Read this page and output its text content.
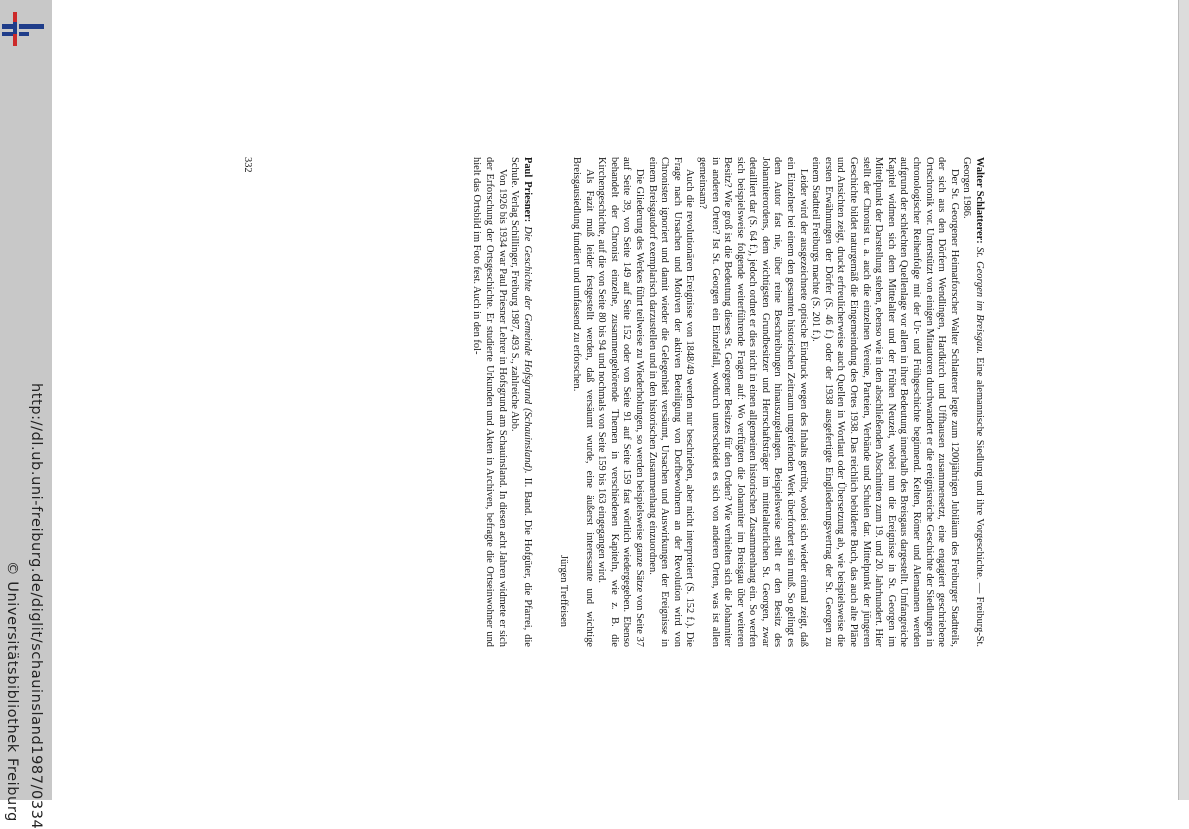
http://dl.ub.uni-freiburg.de/diglit/schauinsland1987/0334
© Universitätsbibliothek Freiburg

Walter Schlatterer: St. Georgen im Breisgau. Eine alemannische Siedlung und ihre Vorgeschichte. — Freiburg-St. Georgen 1986.

Der St. Georgener Heimatforscher Walter Schlatterer legte zum 1200jährigen Jubiläum des Freiburger Stadtteils, der sich aus den Dörfern Wendlingen, Hardkirch und Uffhausen zusammensetzt, eine engagiert geschriebene Ortschronik vor. Unterstützt von einigen Mitautoren durchwandert er die ereignisreiche Geschichte der Siedlungen in chronologischer Reihenfolge mit der Ur- und Frühgeschichte beginnend. Kelten, Römer und Alemannen werden aufgrund der schlechten Quellenlage vor allem in ihrer Bedeutung innerhalb des Breisgaus dargestellt. Umfangreiche Kapitel widmen sich dem Mittelalter und der Frühen Neuzeit, wobei nun die Ereignisse in St. Georgen im Mittelpunkt der Darstellung stehen, ebenso wie in den abschließenden Abschnitten zum 19. und 20. Jahrhundert. Hier stellt der Chronist u. a. auch die einzelnen Vereine, Parteien, Verbände und Schulen dar. Mittelpunkt der jüngeren Geschichte bildet naturgemäß die Eingemeindung des Ortes 1938. Das reichlich bebilderte Buch, das auch alte Pläne und Ansichten zeigt, druckt erfreulicherweise auch Quellen in Wortlaut oder Übersetzung ab, wie beispielsweise die ersten Erwähnungen der Dörfer (S. 46 f.) oder der 1938 ausgefertigte Eingliederungsvertrag der St. Georgen zu einem Stadtteil Freiburgs machte (S. 201 f.).

Leider wird der ausgezeichnete optische Eindruck wegen des Inhalts getrübt, wobei sich wieder einmal zeigt, daß ein Einzelner bei einem den gesamten historischen Zeitraum umgreifenden Werk überfordert sein muß. So gelingt es dem Autor fast nie, über reine Beschreibungen hinauszugelangen. Beispielsweise stellt er den Besitz des Johanniterordens, dem wichtigsten Grundbesitzer und Herrschaftsträger im mittelalterlichen St. Georgen, zwar detailliert dar (S. 64 f.), jedoch ordnet er dies nicht in einen allgemeinen historischen Zusammenhang ein. So werfen sich beispielsweise folgende weiterführende Fragen auf: Wo verfügten die Johanniter im Breisgau über weiteren Besitz? Wie groß ist die Bedeutung dieses St. Georgener Besitzes für den Orden? Wie verhielten sich die Johanniter in anderen Orten? Ist St. Georgen ein Einzelfall, wodurch unterscheidet es sich von anderen Orten, was ist allen gemeinsam?

Auch die revolutionären Ereignisse von 1848/49 werden nur beschrieben, aber nicht interpretiert (S. 152 f.). Die Frage nach Ursachen und Motiven der aktiven Beteiligung von Dorfbewohnern an der Revolution wird von Chronisten ignoriert und damit wieder die Gelegenheit versäumt, Ursachen und Auswirkungen der Ereignisse in einem Breisgaudorf exemplarisch darzustellen und in den historischen Zusammenhang einzuordnen.

Die Gliederung des Werkes führt teilweise zu Wiederholungen, so werden beispielsweise ganze Sätze von Seite 37 auf Seite 39, von Seite 149 auf Seite 152 oder von Seite 91 auf Seite 159 fast wörtlich wiedergegeben. Ebenso behandelt der Chronist einzelne, zusammengehörende Themen in verschiedenen Kapiteln, wie z. B. die Kirchengeschichte, auf die von Seite 80 bis 94 und nochmals von Seite 159 bis 163 eingegangen wird.

Als Fazit muß leider festgestellt werden, daß versäumt wurde, eine äußerst interessante und wichtige Breisgausiedlung fundiert und umfassend zu erforschen.

Jürgen Treffeisen

Paul Priesner: Die Geschichte der Gemeinde Hofsgrund (Schauinsland). II. Band. Die Hofgüter, die Pfarrei, die Schule. Verlag Schillinger, Freiburg 1987, 493 S., zahlreiche Abb.

Von 1926 bis 1934 war Paul Priesner Lehrer in Hofsgrund am Schauinsland. In diesen acht Jahren widmete er sich der Erforschung der Ortsgeschichte. Er studierte Urkunden und Akten in Archiven, befragte die Ortseinwohner und hielt das Ortsbild im Foto fest. Auch in den fol-

332
